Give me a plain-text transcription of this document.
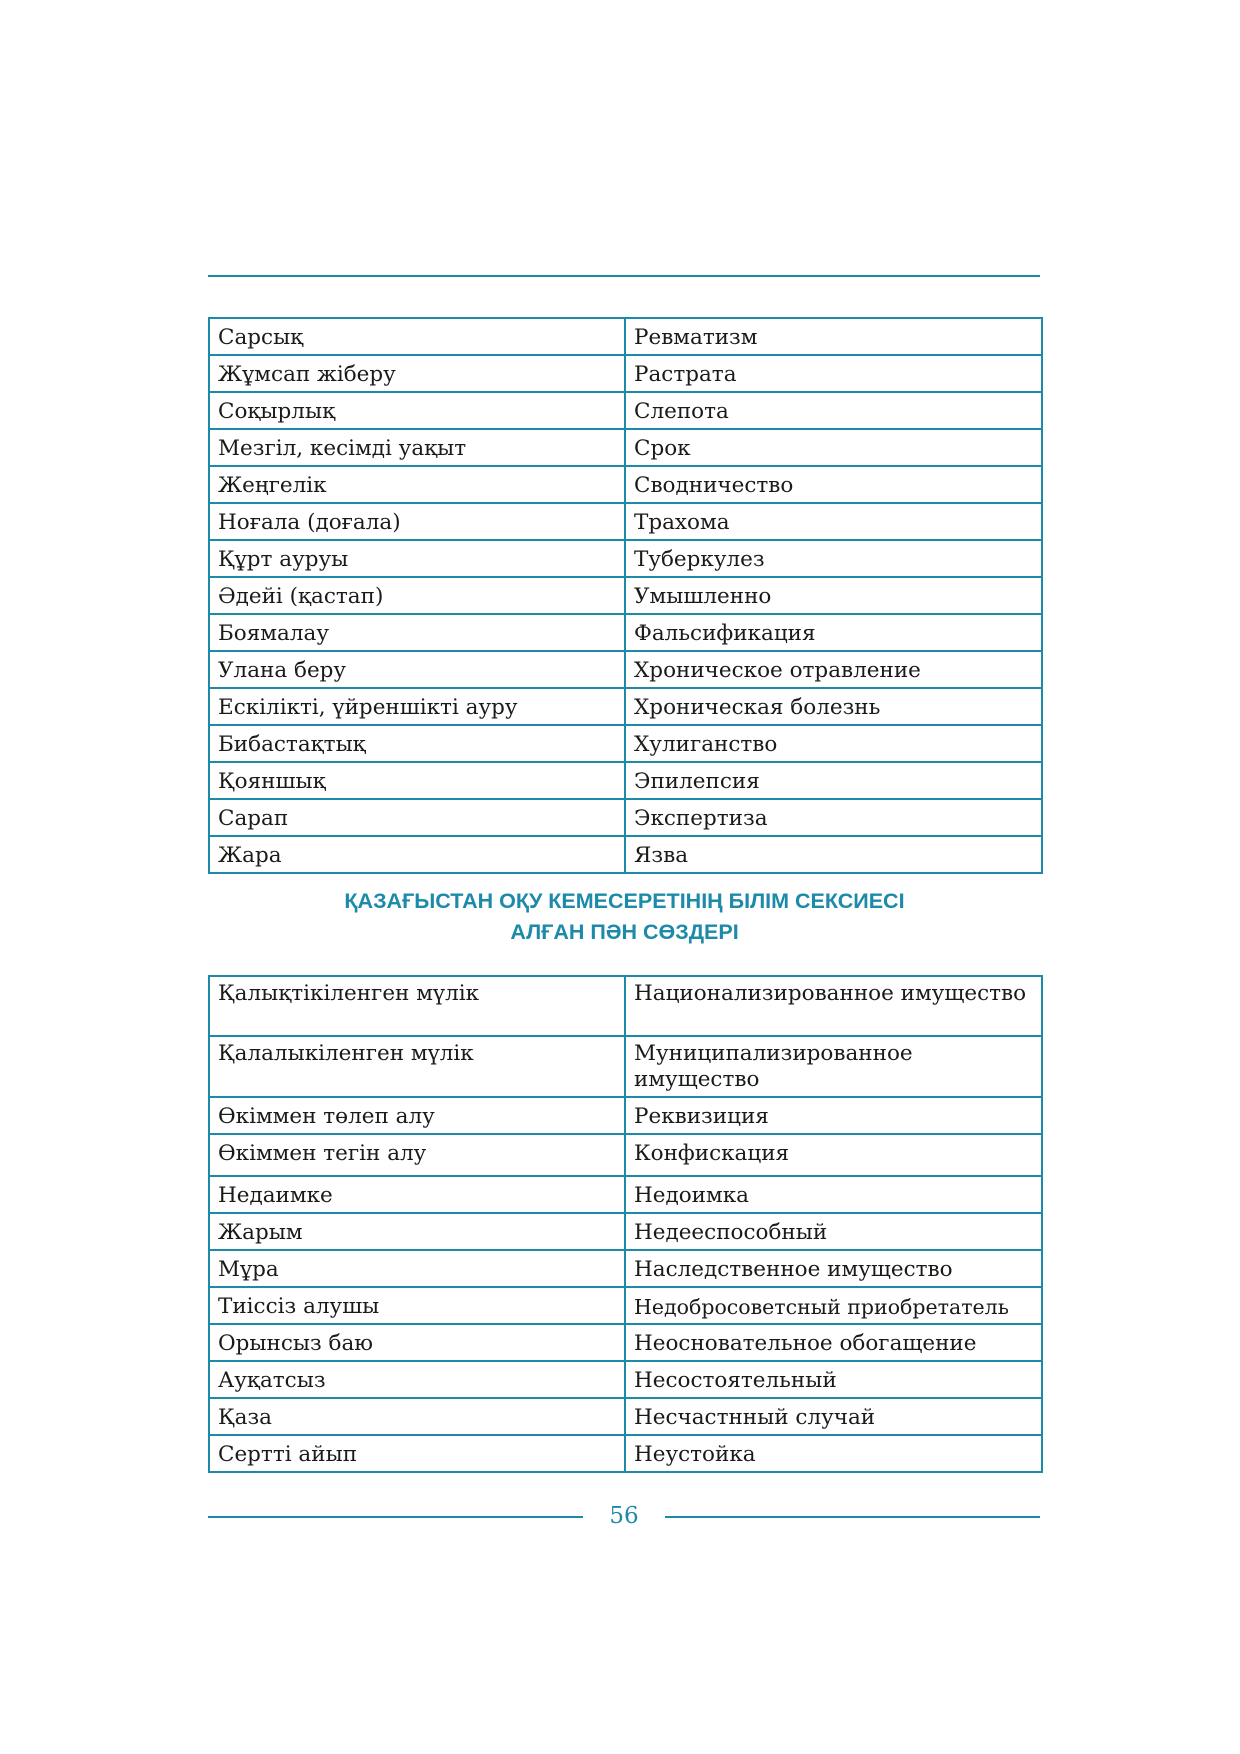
Сарсық	Ревматизм
Жұмсап жіберу	Растрата
Соқырлық	Слепота
Мезгіл, кесімді уақыт	Срок
Жеңгелік	Сводничество
Ноғала (доғала)	Трахома
Құрт ауруы	Туберкулез
Әдейі (қастап)	Умышленно
Боямалау	Фальсификация
Улана беру	Хроническое отравление
Ескілікті, үйреншікті ауру	Хроническая болезнь
Бибастақтық	Хулиганство
Қояншық	Эпилепсия
Сарап	Экспертиза
Жара	Язва
ҚАЗАҒЫСТАН ОҚУ КЕМЕСЕРЕТІНІҢ БІЛІМ СЕКСИЕСІ
АЛҒАН ПӘН СӨЗДЕРІ
Қалықтікіленген мүлік	Национализированное имущество
Қалалыкіленген мүлік	Муниципализированное имущество
Өкіммен төлеп алу	Реквизиция
Өкіммен тегін алу	Конфискация
Недаимке	Недоимка
Жарым	Недееспособный
Мұра	Наследственное имущество
Тиіссіз алушы	Недобросоветсный приобретатель
Орынсыз баю	Неосновательное обогащение
Ауқатсыз	Несостоятельный
Қаза	Несчастнный случай
Сертті айып	Неустойка
56
